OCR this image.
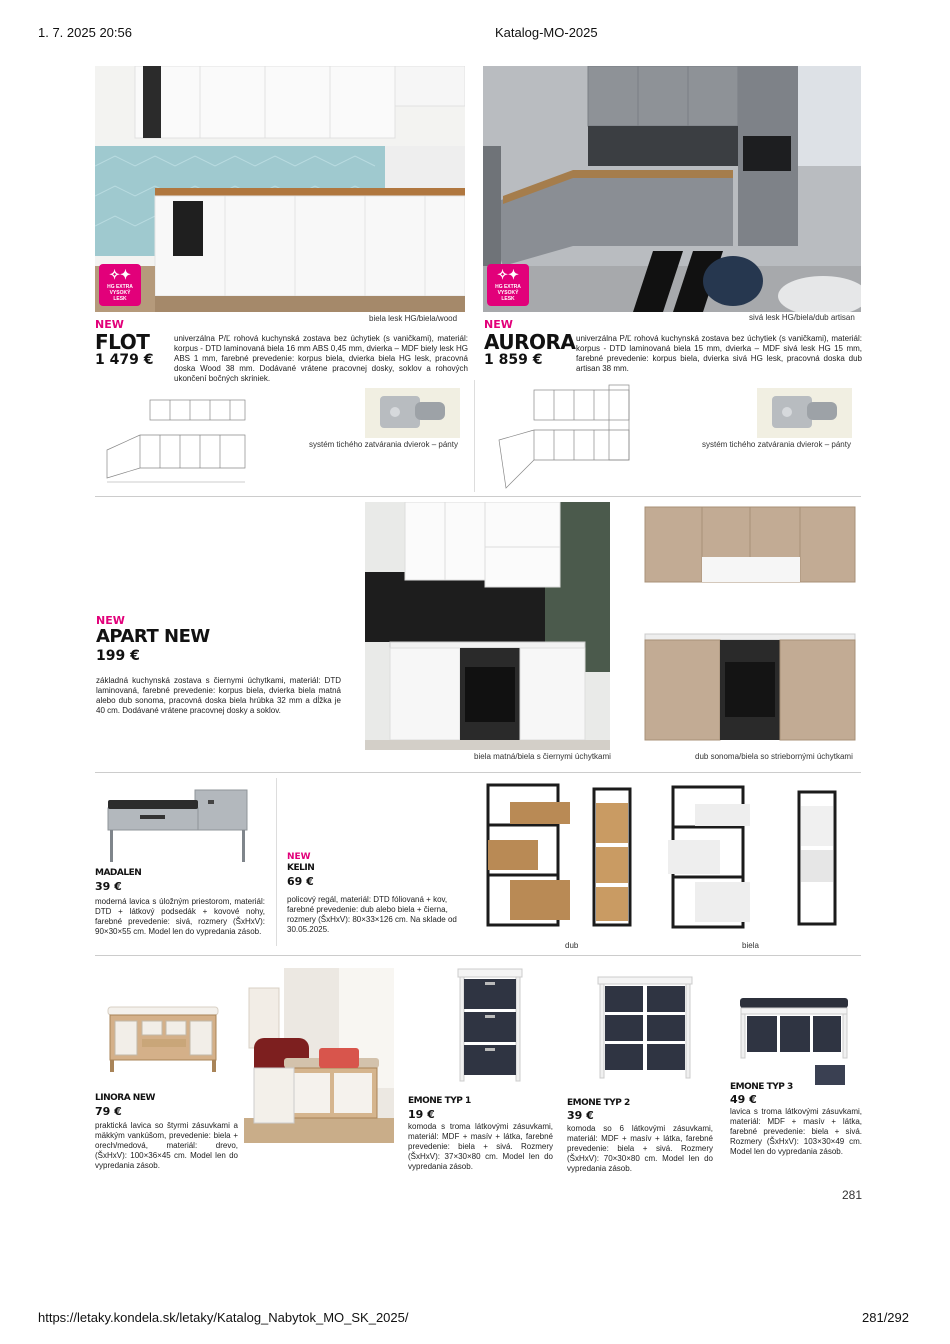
1. 7. 2025 20:56	Katalog-MO-2025
✧✦
HG EXTRA
VYSOKÝ
LESK
biela lesk HG/biela/wood
NEW
FLOT
1 479 €
univerzálna P/Ľ rohová kuchynská zostava bez úchytiek (s vaničkami), materiál: korpus - DTD laminovaná biela 16 mm ABS 0,45 mm, dvierka – MDF biely lesk HG ABS 1 mm, farebné prevedenie: korpus biela, dvierka biela HG lesk, pracovná doska Wood 38 mm. Dodávané vrátene pracovnej dosky, soklov a rohových ukončení bočných skriniek.
systém tichého zatvárania dvierok – pánty
✧✦
HG EXTRA
VYSOKÝ
LESK
sivá lesk HG/biela/dub artisan
NEW
AURORA
1 859 €
univerzálna P/Ľ rohová kuchynská zostava bez úchytiek (s vaničkami), materiál: korpus - DTD laminovaná biela 15 mm, dvierka – MDF sivá lesk HG 15 mm, farebné prevedenie: korpus biela, dvierka sivá HG lesk, pracovná doska dub artisan 38 mm.
systém tichého zatvárania dvierok – pánty
NEW
APART NEW
199 €
základná kuchynská zostava s čiernymi úchytkami, materiál: DTD laminovaná, farebné prevedenie: korpus biela, dvierka biela matná alebo dub sonoma, pracovná doska biela hrúbka 32 mm a dĺžka je 40 cm. Dodávané vrátene pracovnej dosky a soklov.
biela matná/biela s čiernymi úchytkami	dub sonoma/biela so striebornými úchytkami
MADALEN
39 €
moderná lavica s úložným priestorom, materiál: DTD + látkový podsedák + kovové nohy, farebné prevedenie: sivá, rozmery (ŠxHxV): 90×30×55 cm. Model len do vypredania zásob.
NEW
KELIN
69 €
policový regál, materiál: DTD fóliovaná + kov, farebné prevedenie: dub alebo biela + čierna, rozmery (ŠxHxV): 80×33×126 cm. Na sklade od 30.05.2025.
dub	biela
LINORA NEW
79 €
praktická lavica so štyrmi zásuvkami a mäkkým vankúšom, prevedenie: biela + orech/medová, materiál: drevo, (ŠxHxV): 100×36×45 cm. Model len do vypredania zásob.
EMONE TYP 1
19 €
komoda s troma látkovými zásuvkami, materiál: MDF + masív + látka, farebné prevedenie: biela + sivá. Rozmery (ŠxHxV): 37×30×80 cm. Model len do vypredania zásob.
EMONE TYP 2
39 €
komoda so 6 látkovými zásuvkami, materiál: MDF + masív + látka, farebné prevedenie: biela + sivá. Rozmery (ŠxHxV): 70×30×80 cm. Model len do vypredania zásob.
EMONE TYP 3
49 €
lavica s troma látkovými zásuvkami, materiál: MDF + masív + látka, farebné prevedenie: biela + sivá. Rozmery (ŠxHxV): 103×30×49 cm. Model len do vypredania zásob.
281
https://letaky.kondela.sk/letaky/Katalog_Nabytok_MO_SK_2025/	281/292
